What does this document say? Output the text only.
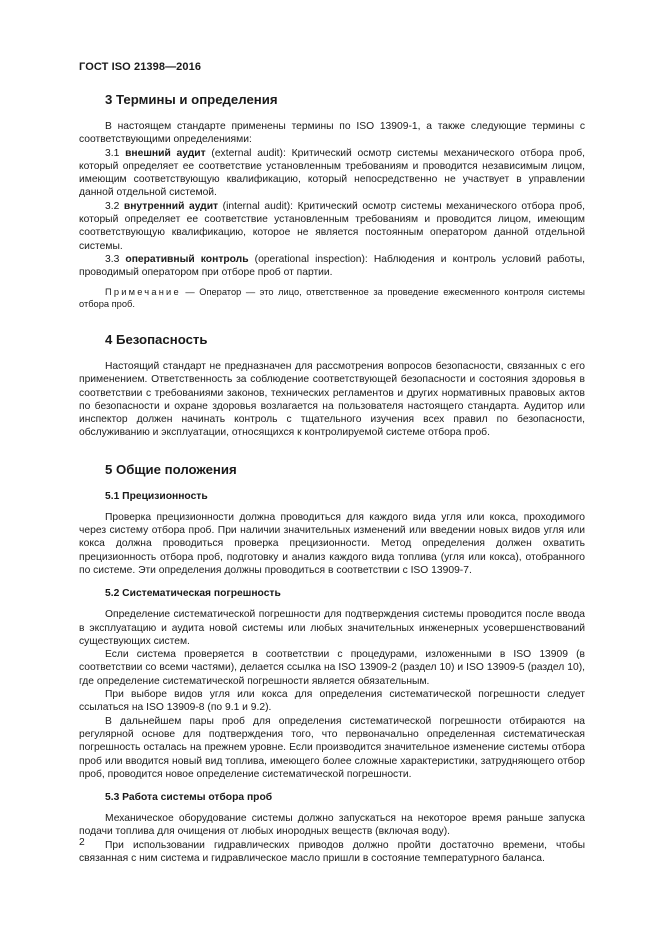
ГОСТ ISO 21398—2016
3 Термины и определения

В настоящем стандарте применены термины по ISO 13909-1, а также следующие термины с соответствующими определениями:

3.1 внешний аудит (external audit): Критический осмотр системы механического отбора проб, который определяет ее соответствие установленным требованиям и проводится независимым лицом, имеющим соответствующую квалификацию, который непосредственно не участвует в управлении данной отдельной системой.

3.2 внутренний аудит (internal audit): Критический осмотр системы механического отбора проб, который определяет ее соответствие установленным требованиям и проводится лицом, имеющим соответствующую квалификацию, которое не является постоянным оператором данной отдельной системы.

3.3 оперативный контроль (operational inspection): Наблюдения и контроль условий работы, проводимый оператором при отборе проб от партии.

Примечание — Оператор — это лицо, ответственное за проведение ежесменного контроля системы отбора проб.

4 Безопасность

Настоящий стандарт не предназначен для рассмотрения вопросов безопасности, связанных с его применением. Ответственность за соблюдение соответствующей безопасности и состояния здоровья в соответствии с требованиями законов, технических регламентов и других нормативных правовых актов по безопасности и охране здоровья возлагается на пользователя настоящего стандарта. Аудитор или инспектор должен начинать контроль с тщательного изучения всех правил по безопасности, обслуживанию и эксплуатации, относящихся к контролируемой системе отбора проб.

5 Общие положения
5.1 Прецизионность

Проверка прецизионности должна проводиться для каждого вида угля или кокса, проходимого через систему отбора проб. При наличии значительных изменений или введении новых видов угля или кокса должна проводиться проверка прецизионности. Метод определения должен охватить прецизионность отбора проб, подготовку и анализ каждого вида топлива (угля или кокса), отобранного по системе. Эти определения должны проводиться в соответствии с ISO 13909-7.

5.2 Систематическая погрешность

Определение систематической погрешности для подтверждения системы проводится после ввода в эксплуатацию и аудита новой системы или любых значительных инженерных усовершенствований существующих систем.

Если система проверяется в соответствии с процедурами, изложенными в ISO 13909 (в соответствии со всеми частями), делается ссылка на ISO 13909-2 (раздел 10) и ISO 13909-5 (раздел 10), где определение систематической погрешности является обязательным.

При выборе видов угля или кокса для определения систематической погрешности следует ссылаться на ISO 13909-8 (по 9.1 и 9.2).

В дальнейшем пары проб для определения систематической погрешности отбираются на регулярной основе для подтверждения того, что первоначально определенная систематическая погрешность осталась на прежнем уровне. Если производится значительное изменение системы отбора проб или вводится новый вид топлива, имеющего более сложные характеристики, затрудняющего отбор проб, проводится новое определение систематической погрешности.

5.3 Работа системы отбора проб

Механическое оборудование системы должно запускаться на некоторое время раньше запуска подачи топлива для очищения от любых инородных веществ (включая воду).

При использовании гидравлических приводов должно пройти достаточно времени, чтобы связанная с ним система и гидравлическое масло пришли в состояние температурного баланса.

2
